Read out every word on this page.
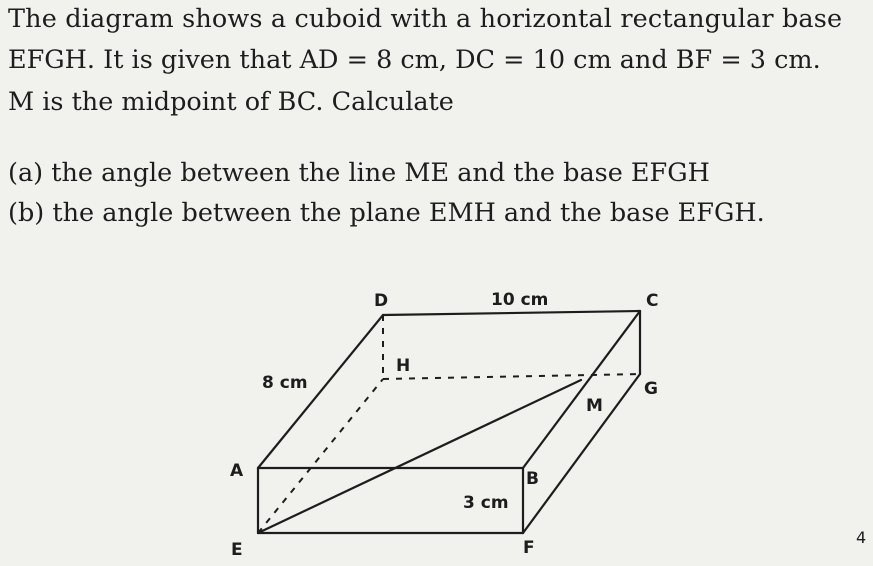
The diagram shows a cuboid with a horizontal rectangular base
EFGH. It is given that AD = 8 cm, DC = 10 cm and BF = 3 cm.
M is the midpoint of BC. Calculate
(a) the angle between the line ME and the base EFGH
(b) the angle between the plane EMH and the base EFGH.
D	C
H
G
M
A	B
E	F
10 cm
8 cm
3 cm
4
